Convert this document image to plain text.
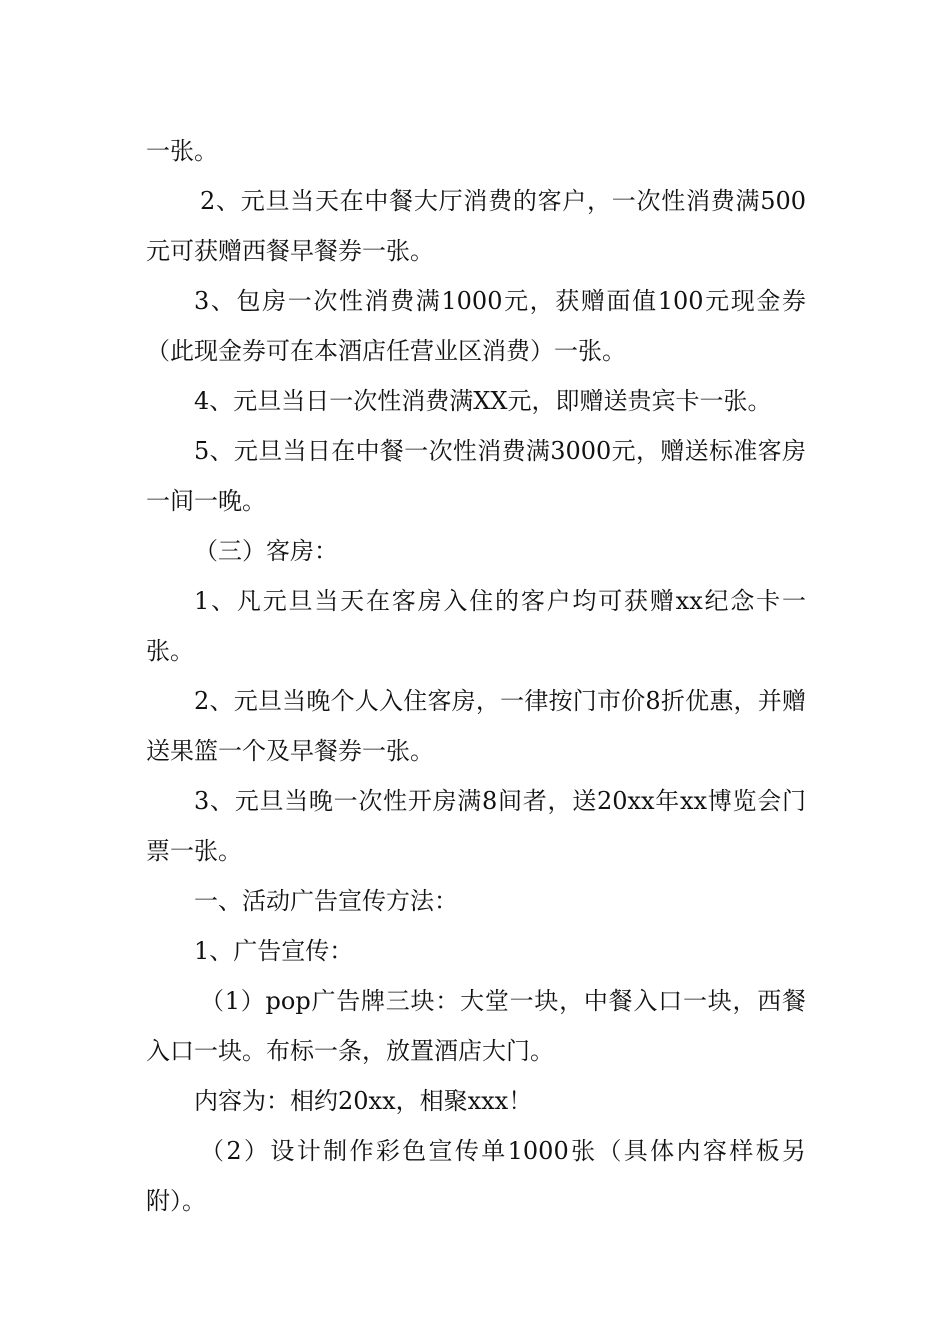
一张。

2、元旦当天在中餐大厅消费的客户，一次性消费满500元可获赠西餐早餐券一张。

3、包房一次性消费满1000元，获赠面值100元现金券（此现金券可在本酒店任营业区消费）一张。

4、元旦当日一次性消费满XX元，即赠送贵宾卡一张。

5、元旦当日在中餐一次性消费满3000元，赠送标准客房一间一晚。

（三）客房：

1、凡元旦当天在客房入住的客户均可获赠xx纪念卡一张。

2、元旦当晚个人入住客房，一律按门市价8折优惠，并赠送果篮一个及早餐券一张。

3、元旦当晚一次性开房满8间者，送20xx年xx博览会门票一张。

一、活动广告宣传方法：

1、广告宣传：

（1）pop广告牌三块：大堂一块，中餐入口一块，西餐入口一块。布标一条，放置酒店大门。

内容为：相约20xx，相聚xxx！

（2）设计制作彩色宣传单1000张（具体内容样板另附）。
